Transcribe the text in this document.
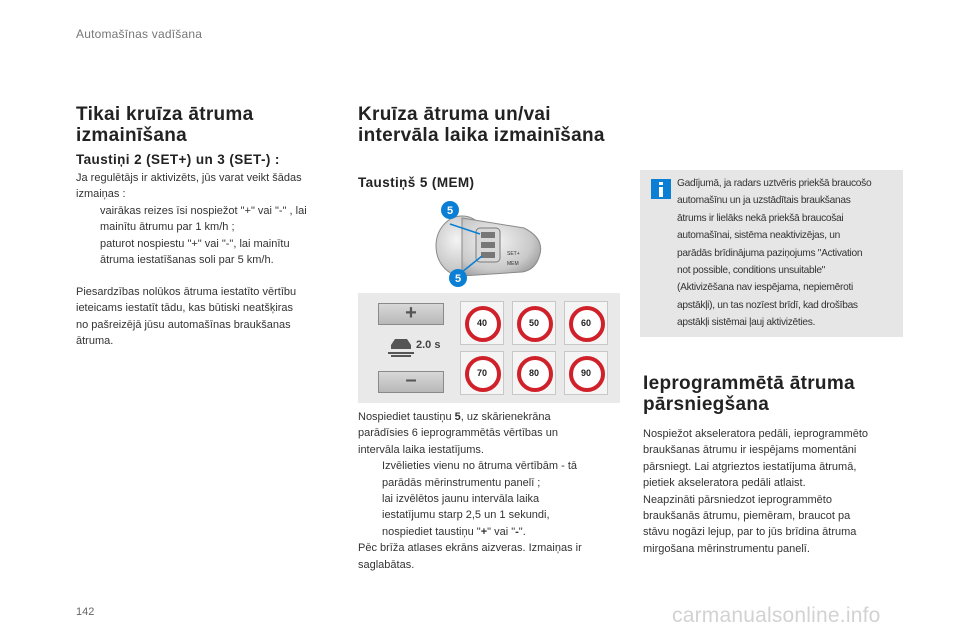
Automašīnas vadīšana
Tikai kruīza ātruma
izmainīšana
Taustiņi 2 (SET+) un 3 (SET-) :
Ja regulētājs ir aktivizēts, jūs varat veikt šādas
izmaiņas :
vairākas reizes īsi nospiežot "+" vai "-" , lai
mainītu ātrumu par 1 km/h ;
paturot nospiestu "+" vai "-", lai mainītu
ātruma iestatīšanas soli par 5 km/h.
Piesardzības nolūkos ātruma iestatīto vērtību
ieteicams iestatīt tādu, kas būtiski neatšķiras
no pašreizējā jūsu automašīnas braukšanas
ātruma.
Kruīza ātruma un/vai
intervāla laika izmainīšana
Taustiņš 5 (MEM)
5
5
SET+
MEM
+
2.0 s
–
40	50	60
70	80	90
Nospiediet taustiņu 5, uz skārienekrāna
parādīsies 6 ieprogrammētās vērtības un
intervāla laika iestatījums.
Izvēlieties vienu no ātruma vērtībām - tā
parādās mērinstrumentu panelī ;
lai izvēlētos jaunu intervāla laika
iestatījumu starp 2,5 un 1 sekundi,
nospiediet taustiņu "+" vai "-".
Pēc brīža atlases ekrāns aizveras. Izmaiņas ir
saglabātas.
Gadījumā, ja radars uztvēris priekšā braucošo
automašīnu un ja uzstādītais braukšanas
ātrums ir lielāks nekā priekšā braucošai
automašīnai, sistēma neaktivizējas, un
parādās brīdinājuma paziņojums "Activation
not possible, conditions unsuitable"
(Aktivizēšana nav iespējama, nepiemēroti
apstākļi), un tas nozīest brīdī, kad drošības
apstākļi sistēmai ļauj aktivizēties.
Ieprogrammētā ātruma
pārsniegšana
Nospiežot akseleratora pedāli, ieprogrammēto
braukšanas ātrumu ir iespējams momentāni
pārsniegt. Lai atgrieztos iestatījuma ātrumā,
pietiek akseleratora pedāli atlaist.
Neapzināti pārsniedzot ieprogrammēto
braukšanās ātrumu, piemēram, braucot pa
stāvu nogāzi lejup, par to jūs brīdina ātruma
mirgošana mērinstrumentu panelī.
142	carmanualsonline.info
